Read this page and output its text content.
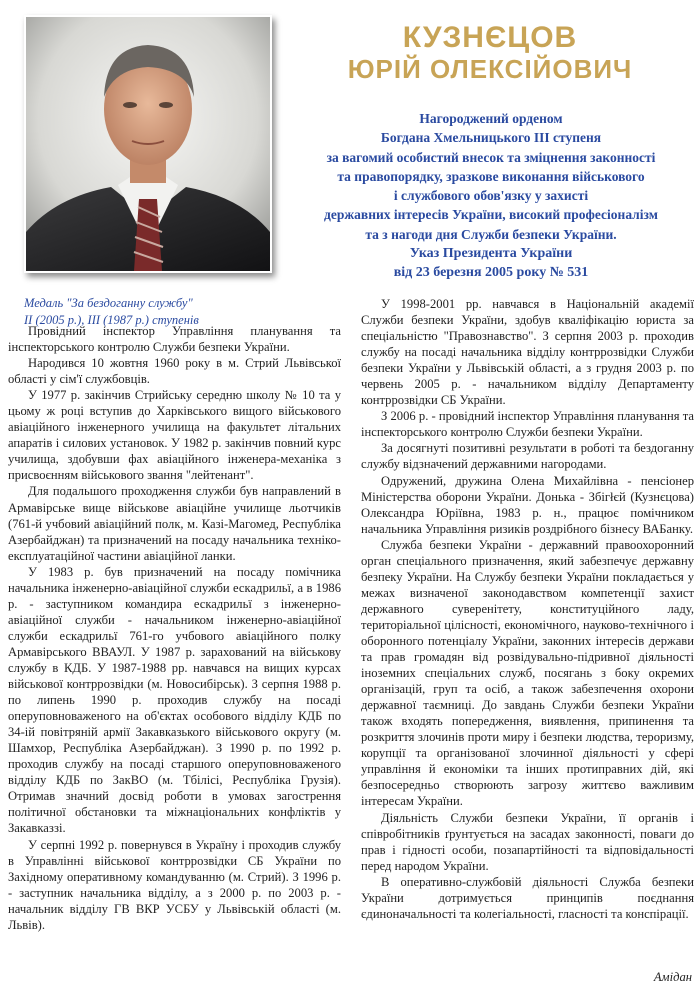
КУЗНЄЦОВ
ЮРІЙ ОЛЕКСІЙОВИЧ
Нагороджений орденом
Богдана Хмельницького ІІІ ступеня
за вагомий особистий внесок та зміцнення законності
та правопорядку, зразкове виконання військового
і службового обов'язку у захисті
державних інтересів України, високий професіоналізм
та з нагоди дня Служби безпеки України.
Указ Президента України
від 23 березня 2005 року № 531
Медаль "За бездоганну службу"
ІІ (2005 р.), ІІІ (1987 р.) ступенів

Провідний інспектор Управління планування та інспекторського контролю Служби безпеки України.

Народився 10 жовтня 1960 року в м. Стрий Львівської області у сім'ї службовців.

У 1977 р. закінчив Стрийську середню школу № 10 та у цьому ж році вступив до Харківського вищого військового авіаційного інженерного училища на факультет літальних апаратів і силових установок. У 1982 р. закінчив повний курс училища, здобувши фах авіаційного інженера-механіка з присвоєнням військового звання "лейтенант".

Для подальшого проходження служби був направлений в Армавірське вище військове авіаційне училище льотчиків (761-й учбовий авіаційний полк, м. Казі-Магомед, Республіка Азербайджан) та призначений на посаду начальника техніко-експлуатаційної частини авіаційної ланки.

У 1983 р. був призначений на посаду помічника начальника інженерно-авіаційної служби ескадрильї, а в 1986 р. - заступником командира ескадрильї з інженерно-авіаційної служби - начальником інженерно-авіаційної служби ескадрильї 761-го учбового авіаційного полку Армавірського ВВАУЛ. У 1987 р. зарахований на військову службу в КДБ. У 1987-1988 рр. навчався на вищих курсах військової контррозвідки (м. Новосибірськ). З серпня 1988 р. по липень 1990 р. проходив службу на посаді оперуповноваженого на об'єктах особового відділу КДБ по 34-ій повітряній армії Закавказького військового округу (м. Шамхор, Республіка Азербайджан). З 1990 р. по 1992 р. проходив службу на посаді старшого оперуповноваженого відділу КДБ по ЗакВО (м. Тбілісі, Республіка Грузія). Отримав значний досвід роботи в умовах загострення політичної обстановки та міжнаціональних конфліктів у Закавказзі.

У серпні 1992 р. повернувся в Україну і проходив службу в Управлінні військової контррозвідки СБ України по Західному оперативному командуванню (м. Стрий). З 1996 р. - заступник начальника відділу, а з 2000 р. по 2003 р. - начальник відділу ГВ ВКР УСБУ у Львівській області (м. Львів).

У 1998-2001 рр. навчався в Національній академії Служби безпеки України, здобув кваліфікацію юриста за спеціальністю "Правознавство". З серпня 2003 р. проходив службу на посаді начальника відділу контррозвідки Служби безпеки України у Львівській області, а з грудня 2003 р. по червень 2005 р. - начальником відділу Департаменту контррозвідки СБ України.

З 2006 р. - провідний інспектор Управління планування та інспекторського контролю Служби безпеки України.

За досягнуті позитивні результати в роботі та бездоганну службу відзначений державними нагородами.

Одружений, дружина Олена Михайлівна - пенсіонер Міністерства оборони України. Донька - Збігłєй (Кузнєцова) Олександра Юріївна, 1983 р. н., працює помічником начальника Управління ризиків роздрібного бізнесу ВАБанку.

Служба безпеки України - державний правоохоронний орган спеціального призначення, який забезпечує державну безпеку України. На Службу безпеки України покладається у межах визначеної законодавством компетенції захист державного суверенітету, конституційного ладу, територіальної цілісності, економічного, науково-технічного і оборонного потенціалу України, законних інтересів держави та прав громадян від розвідувально-підривної діяльності іноземних спеціальних служб, посягань з боку окремих організацій, груп та осіб, а також забезпечення охорони державної таємниці. До завдань Служби безпеки України також входять попередження, виявлення, припинення та розкриття злочинів проти миру і безпеки людства, тероризму, корупції та організованої злочинної діяльності у сфері управління й економіки та інших протиправних дій, які безпосередньо створюють загрозу життєво важливим інтересам України.

Діяльність Служби безпеки України, її органів і співробітників ґрунтується на засадах законності, поваги до прав і гідності особи, позапартійності та відповідальності перед народом України.

В оперативно-службовій діяльності Служба безпеки України дотримується принципів поєднання єдиноначальності та колегіальності, гласності та конспірації.

Амідан
